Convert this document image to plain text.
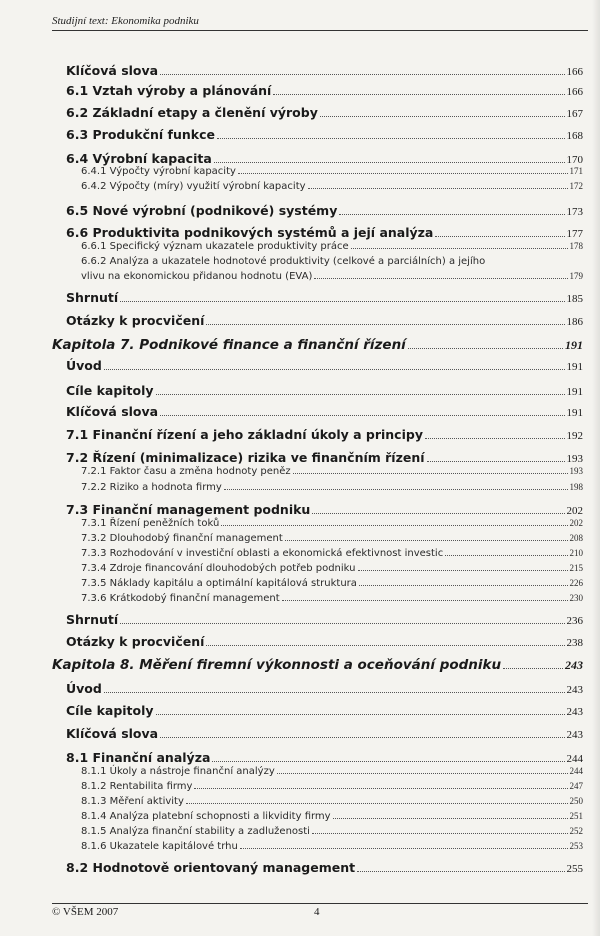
Studijní text: Ekonomika podniku
Klíčová slova	166
6.1 Vztah výroby a plánování	166
6.2 Základní etapy a členění výroby	167
6.3 Produkční funkce	168
6.4 Výrobní kapacita	170
6.4.1 Výpočty výrobní kapacity	171
6.4.2 Výpočty (míry) využití výrobní kapacity	172
6.5 Nové výrobní (podnikové) systémy	173
6.6 Produktivita podnikových systémů a její analýza	177
6.6.1 Specifický význam ukazatele produktivity práce	178
6.6.2 Analýza a ukazatele hodnotové produktivity (celkové a parciálních) a jejího
vlivu na ekonomickou přidanou hodnotu (EVA)	179
Shrnutí	185
Otázky k procvičení	186
Kapitola 7. Podnikové finance a finanční řízení	191
Úvod	191
Cíle kapitoly	191
Klíčová slova	191
7.1 Finanční řízení a jeho základní úkoly a principy	192
7.2 Řízení (minimalizace) rizika ve finančním řízení	193
7.2.1 Faktor času a změna hodnoty peněz	193
7.2.2 Riziko a hodnota firmy	198
7.3 Finanční management podniku	202
7.3.1 Řízení peněžních toků	202
7.3.2 Dlouhodobý finanční management	208
7.3.3 Rozhodování v investiční oblasti a ekonomická efektivnost investic	210
7.3.4 Zdroje financování dlouhodobých potřeb podniku	215
7.3.5 Náklady kapitálu a optimální kapitálová struktura	226
7.3.6 Krátkodobý finanční management	230
Shrnutí	236
Otázky k procvičení	238
Kapitola 8. Měření firemní výkonnosti a oceňování podniku	243
Úvod	243
Cíle kapitoly	243
Klíčová slova	243
8.1 Finanční analýza	244
8.1.1 Úkoly a nástroje finanční analýzy	244
8.1.2 Rentabilita firmy	247
8.1.3 Měření aktivity	250
8.1.4 Analýza platební schopnosti a likvidity firmy	251
8.1.5 Analýza finanční stability a zadluženosti	252
8.1.6 Ukazatele kapitálové trhu	253
8.2 Hodnotově orientovaný management	255
© VŠEM 2007	4
